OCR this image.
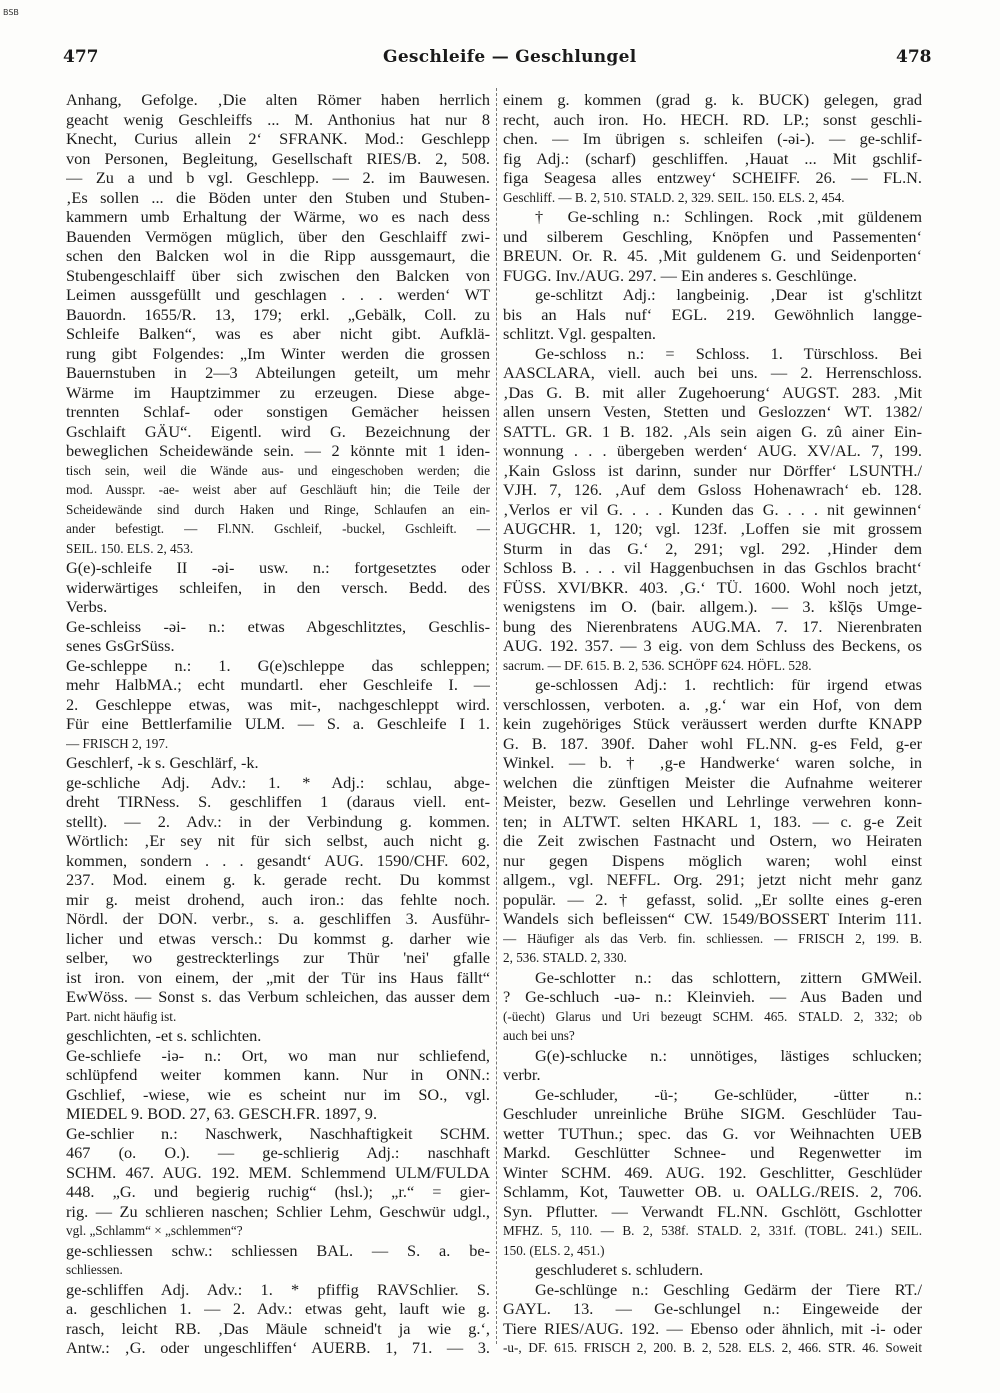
BSB
477	Geschleife — Geschlungel	478
Anhang, Gefolge. ‚Die alten Römer haben herrlich
geacht wenig Geschleiffs ... M. Anthonius hat nur 8
Knecht, Curius allein 2‘ SFRANK. Mod.: Geschlepp
von Personen, Begleitung, Gesellschaft RIES/B. 2, 508.
— Zu a und b vgl. Geschlepp. — 2. im Bauwesen.
‚Es sollen ... die Böden unter den Stuben und Stuben-
kammern umb Erhaltung der Wärme, wo es nach dess
Bauenden Vermögen müglich, über den Geschlaiff zwi-
schen den Balcken wol in die Ripp aussgemaurt, die
Stubengeschlaiff über sich zwischen den Balcken von
Leimen aussgefüllt und geschlagen . . . werden‘ WT
Bauordn. 1655/R. 13, 179; erkl. „Gebälk, Coll. zu
Schleife Balken“, was es aber nicht gibt. Aufklä-
rung gibt Folgendes: „Im Winter werden die grossen
Bauernstuben in 2—3 Abteilungen geteilt, um mehr
Wärme im Hauptzimmer zu erzeugen. Diese abge-
trennten Schlaf- oder sonstigen Gemächer heissen
Gschlaift GÄU“. Eigentl. wird G. Bezeichnung der
beweglichen Scheidewände sein. — 2 könnte mit 1 iden-
tisch sein, weil die Wände aus- und eingeschoben werden; die
mod. Ausspr. -ae- weist aber auf Geschläuft hin; die Teile der
Scheidewände sind durch Haken und Ringe, Schlaufen an ein-
ander befestigt. — Fl.NN. Gschleif, -buckel, Gschleift. —
SEIL. 150. ELS. 2, 453.
G(e)-schleife II -əi- usw. n.: fortgesetztes oder
widerwärtiges schleifen, in den versch. Bedd. des
Verbs.
Ge-schleiss -əi- n.: etwas Abgeschlitztes, Geschlis-
senes GsGrSüss.
Ge-schleppe n.: 1. G(e)schleppe das schleppen;
mehr HalbMA.; echt mundartl. eher Geschleife I. —
2. Geschleppe etwas, was mit-, nachgeschleppt wird.
Für eine Bettlerfamilie ULM. — S. a. Geschleife I 1.
— FRISCH 2, 197.
Geschlerf, -k s. Geschlärf, -k.
ge-schliche Adj. Adv.: 1. * Adj.: schlau, abge-
dreht TIRNess. S. geschliffen 1 (daraus viell. ent-
stellt). — 2. Adv.: in der Verbindung g. kommen.
Wörtlich: ‚Er sey nit für sich selbst, auch nicht g.
kommen, sondern . . . gesandt‘ AUG. 1590/CHF. 602,
237. Mod. einem g. k. gerade recht. Du kommst
mir g. meist drohend, auch iron.: das fehlte noch.
Nördl. der DON. verbr., s. a. geschliffen 3. Ausführ-
licher und etwas versch.: Du kommst g. darher wie
selber, wo gestreckterlings zur Thür 'nei' gfalle
ist iron. von einem, der „mit der Tür ins Haus fällt“
EwWöss. — Sonst s. das Verbum schleichen, das ausser dem
Part. nicht häufig ist.
geschlichten, -et s. schlichten.
Ge-schliefe -iə- n.: Ort, wo man nur schliefend,
schlüpfend weiter kommen kann. Nur in ONN.:
Gschlief, -wiese, wie es scheint nur im SO., vgl.
MIEDEL 9. BOD. 27, 63. GESCH.FR. 1897, 9.
Ge-schlier n.: Naschwerk, Naschhaftigkeit SCHM.
467 (o. O.). — ge-schlierig Adj.: naschhaft
SCHM. 467. AUG. 192. MEM. Schlemmend ULM/FULDA
448. „G. und begierig ruchig“ (hsl.); „r.“ = gier-
rig. — Zu schlieren naschen; Schlier Lehm, Geschwür udgl.,
vgl. „Schlamm“ × „schlemmen“?
ge-schliessen schw.: schliessen BAL. — S. a. be-
schliessen.
ge-schliffen Adj. Adv.: 1. * pfiffig RAVSchlier. S.
a. geschlichen 1. — 2. Adv.: etwas geht, lauft wie g.
rasch, leicht RB. ‚Das Mäule schneid't ja wie g.‘,
Antw.: ‚G. oder ungeschliffen‘ AUERB. 1, 71. — 3.
einem g. kommen (grad g. k. BUCK) gelegen, grad
recht, auch iron. Ho. HECH. RD. LP.; sonst geschli-
chen. — Im übrigen s. schleifen (-əi-). — ge-schlif-
fig Adj.: (scharf) geschliffen. ‚Hauat ... Mit gschlif-
figa Seagesa alles entzwey‘ SCHEIFF. 26. — FL.N.
Geschliff. — B. 2, 510. STALD. 2, 329. SEIL. 150. ELS. 2, 454.
† Ge-schling n.: Schlingen. Rock ‚mit güldenem
und silberem Geschling, Knöpfen und Passementen‘
BREUN. Or. R. 45. ‚Mit guldenem G. und Seidenporten‘
FUGG. Inv./AUG. 297. — Ein anderes s. Geschlünge.
ge-schlitzt Adj.: langbeinig. ‚Dear ist g'schlitzt
bis an Hals nuf‘ EGL. 219. Gewöhnlich langge-
schlitzt. Vgl. gespalten.
Ge-schloss n.: = Schloss. 1. Türschloss. Bei
AASCLARA, viell. auch bei uns. — 2. Herrenschloss.
‚Das G. B. mit aller Zugehoerung‘ AUGST. 283. ‚Mit
allen unsern Vesten, Stetten und Geslozzen‘ WT. 1382/
SATTL. GR. 1 B. 182. ‚Als sein aigen G. zû ainer Ein-
wonnung . . . übergeben werden‘ AUG. XV/AL. 7, 199.
‚Kain Gsloss ist darinn, sunder nur Dörffer‘ LSUNTH./
VJH. 7, 126. ‚Auf dem Gsloss Hohenawrach‘ eb. 128.
‚Verlos er vil G. . . . Kunden das G. . . . nit gewinnen‘
AUGCHR. 1, 120; vgl. 123f. ‚Loffen sie mit grossem
Sturm in das G.‘ 2, 291; vgl. 292. ‚Hinder dem
Schloss B. . . . vil Haggenbuchsen in das Gschlos bracht‘
FÜSS. XVI/BKR. 403. ‚G.‘ TÜ. 1600. Wohl noch jetzt,
wenigstens im O. (bair. allgem.). — 3. kšlǭs Umge-
bung des Nierenbratens AUG.MA. 7. 17. Nierenbraten
AUG. 192. 357. — 3 eig. von dem Schluss des Beckens, os
sacrum. — DF. 615. B. 2, 536. SCHÖPF 624. HÖFL. 528.
ge-schlossen Adj.: 1. rechtlich: für irgend etwas
verschlossen, verboten. a. ‚g.‘ war ein Hof, von dem
kein zugehöriges Stück veräussert werden durfte KNAPP
G. B. 187. 390f. Daher wohl FL.NN. g-es Feld, g-er
Winkel. — b. † ‚g-e Handwerke‘ waren solche, in
welchen die zünftigen Meister die Aufnahme weiterer
Meister, bezw. Gesellen und Lehrlinge verwehren konn-
ten; in ALTWT. selten HKARL 1, 183. — c. g-e Zeit
die Zeit zwischen Fastnacht und Ostern, wo Heiraten
nur gegen Dispens möglich waren; wohl einst
allgem., vgl. NEFFL. Org. 291; jetzt nicht mehr ganz
populär. — 2. † gefasst, solid. „Er sollte eines g-eren
Wandels sich befleissen“ CW. 1549/BOSSERT Interim 111.
— Häufiger als das Verb. fin. schliessen. — FRISCH 2, 199. B.
2, 536. STALD. 2, 330.
Ge-schlotter n.: das schlottern, zittern GMWeil.
? Ge-schluch -uə- n.: Kleinvieh. — Aus Baden und
(-üecht) Glarus und Uri bezeugt SCHM. 465. STALD. 2, 332; ob
auch bei uns?
G(e)-schlucke n.: unnötiges, lästiges schlucken;
verbr.
Ge-schluder, -ü-; Ge-schlüder, -ütter n.:
Geschluder unreinliche Brühe SIGM. Geschlüder Tau-
wetter TUThun.; spec. das G. vor Weihnachten UEB
Markd. Geschlütter Schnee- und Regenwetter im
Winter SCHM. 469. AUG. 192. Geschlitter, Geschlüder
Schlamm, Kot, Tauwetter OB. u. OALLG./REIS. 2, 706.
Syn. Pflutter. — Verwandt FL.NN. Gschlött, Gschlotter
MFHZ. 5, 110. — B. 2, 538f. STALD. 2, 331f. (TOBL. 241.) SEIL.
150. (ELS. 2, 451.)
geschluderet s. schludern.
Ge-schlünge n.: Geschling Gedärm der Tiere RT./
GAYL. 13. — Ge-schlungel n.: Eingeweide der
Tiere RIES/AUG. 192. — Ebenso oder ähnlich, mit -i- oder
-u-, DF. 615. FRISCH 2, 200. B. 2, 528. ELS. 2, 466. STR. 46. Soweit
